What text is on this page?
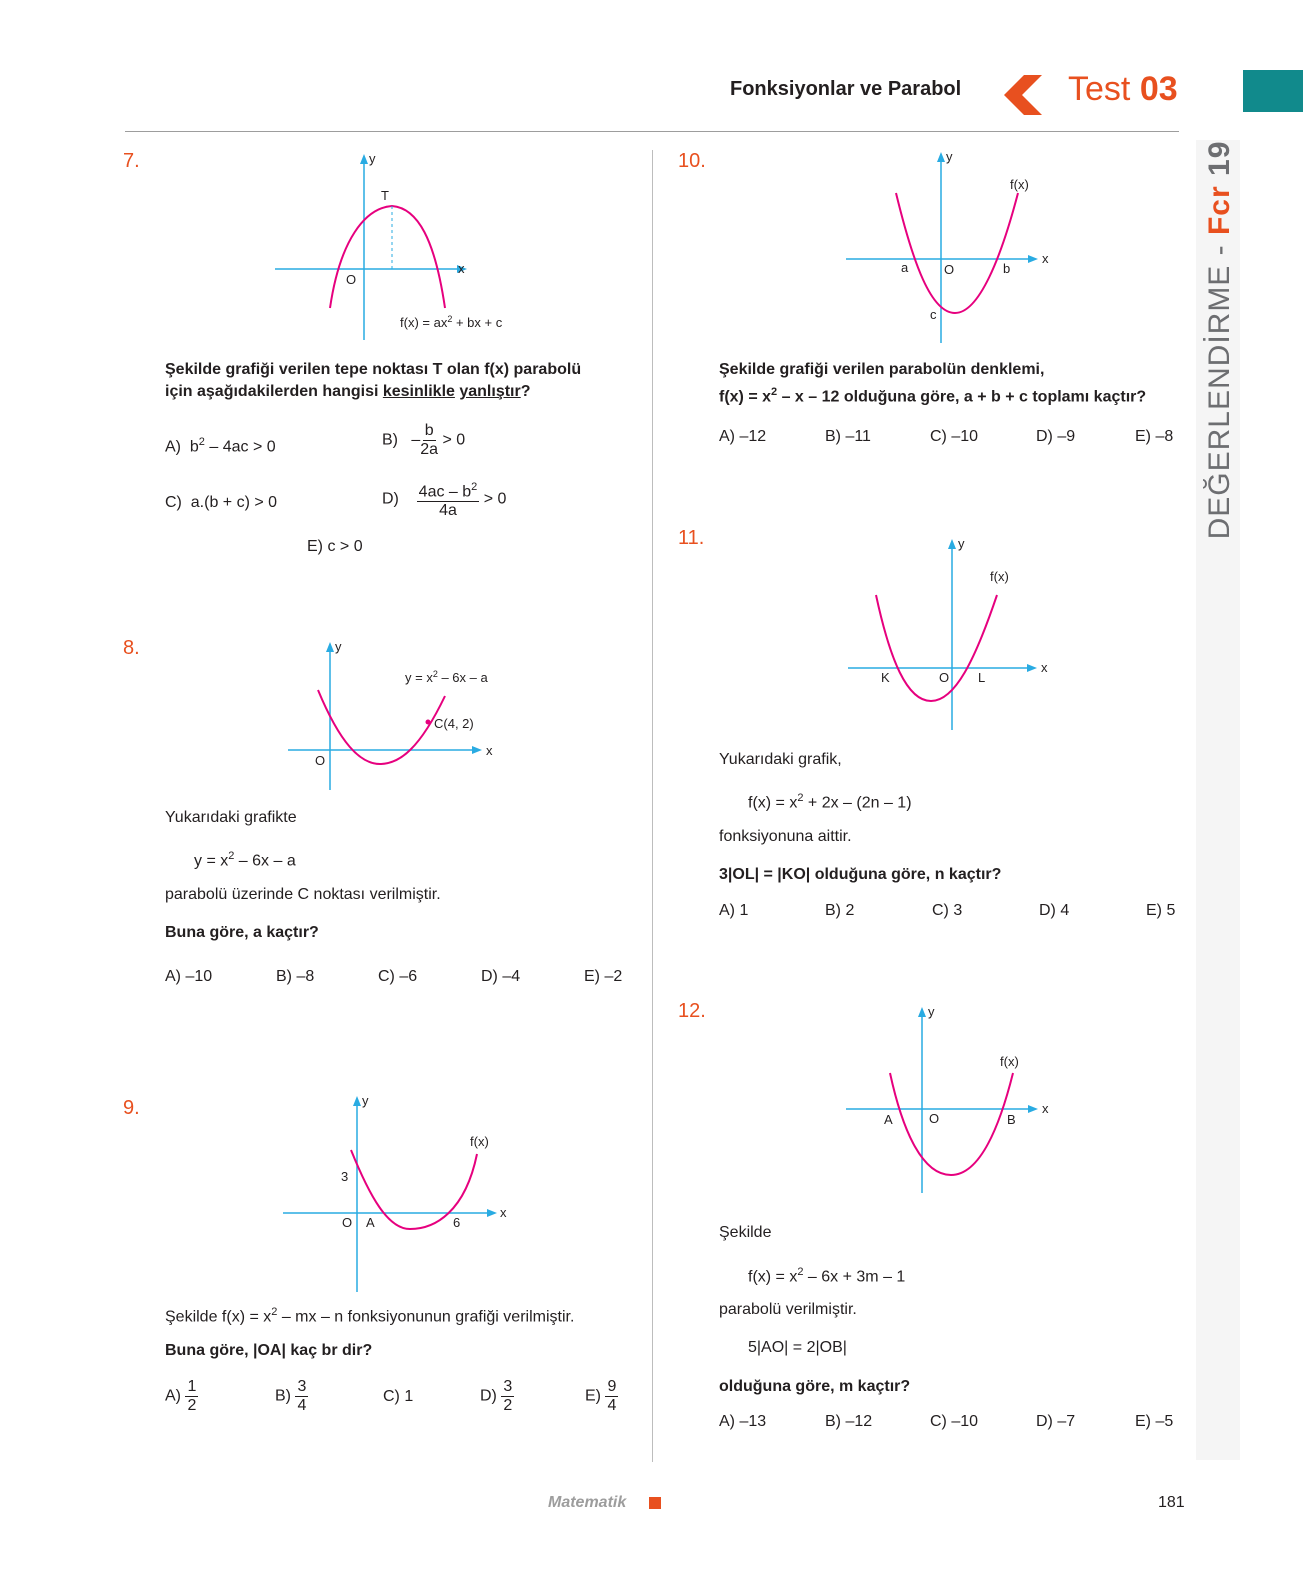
Fonksiyonlar ve Parabol	Test 03
DEĞERLENDİRME - Fcr 19
7.	y
x
T
O
$f(x) = ax^2$ + bx + c
Şekilde grafiği verilen tepe noktası T olan f(x) parabolü
için aşağıdakilerden hangisi kesinlikle yanlıştır?
A) $b^2 - 4ac > 0$	$B) - \frac{b}{2a} > 0$
C) a.(b + c) > 0	$D) \frac{4ac - b^2}{4a} > 0$
E) c > 0
8.	y
x
O
$y = x^2 - 6x - a$
C(4, 2)
Yukarıdaki grafikte
$y = x^2 - 6x - a$
parabolü üzerinde C noktası verilmiştir.
Buna göre, a kaçtır?
A) –10	B) –8	C) –6	D) –4	E) –2
9.	y
x
O A	6
3
f(x)
Şekilde $f(x) = x^2$ – mx – n fonksiyonunun grafiği verilmiştir.
Buna göre, |OA| kaç br dir?
$A) \frac{1}{2}$	$B) \frac{3}{4}$	C) 1	$D) \frac{3}{2}$	$E) \frac{9}{4}$
10.	y
x
O
a	b
c
f(x)
Şekilde grafiği verilen parabolün denklemi,
$f(x) = x^2 - x - 12$ olduğuna göre, a + b + c toplamı kaçtır?
A) –12	B) –11	C) –10	D) –9	E) –8
11.	y
x
O
K	L
f(x)
Yukarıdaki grafik,
$f(x) = x^2 + 2x - (2n - 1)$
fonksiyonuna aittir.
3|OL| = |KO| olduğuna göre, n kaçtır?
A) 1	B) 2	C) 3	D) 4	E) 5
12.	y
x
O
A	B
f(x)
Şekilde
$f(x) = x^2 - 6x + 3m - 1$
parabolü verilmiştir.
5|AO| = 2|OB|
olduğuna göre, m kaçtır?
A) –13	B) –12	C) –10	D) –7	E) –5
Matematik	181
